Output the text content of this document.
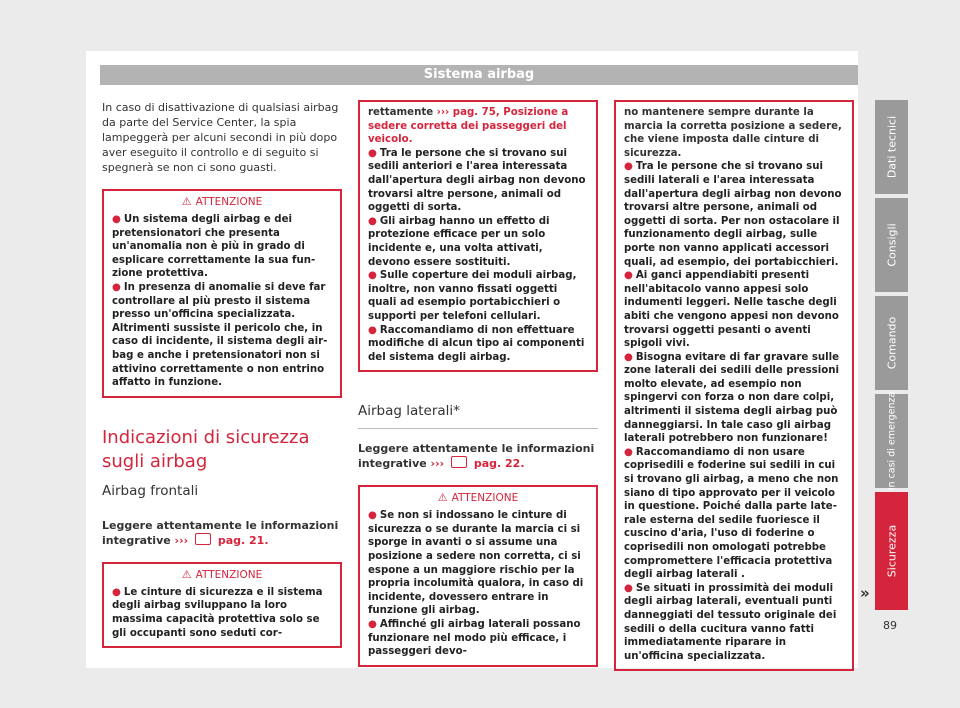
Sistema airbag

In caso di disattivazione di qualsiasi airbag da parte del Service Center, la spia lampeggerà per alcuni secondi in più dopo aver eseguito il controllo e di seguito si spegnerà se non ci sono guasti.

⚠ ATTENZIONE
● Un sistema degli airbag e dei pretensionatori che presenta un'anomalia non è più in grado di esplicare correttamente la sua funzione protettiva.
● In presenza di anomalie si deve far controllare al più presto il sistema presso un'officina specializzata. Altrimenti sussiste il pericolo che, in caso di incidente, il sistema degli airbag e anche i pretensionatori non si attivino correttamente o non entrino affatto in funzione.
Indicazioni di sicurezza sugli airbag
Airbag frontali

Leggere attentamente le informazioni integrative ›››	pag. 21.

⚠ ATTENZIONE
● Le cinture di sicurezza e il sistema degli airbag sviluppano la loro massima capacità protettiva solo se gli occupanti sono seduti cor-

rettamente ››› pag. 75, Posizione a sedere corretta dei passeggeri del veicolo.

● Tra le persone che si trovano sui sedili anteriori e l'area interessata dall'apertura degli airbag non devono trovarsi altre persone, animali od oggetti di sorta.
● Gli airbag hanno un effetto di protezione efficace per un solo incidente e, una volta attivati, devono essere sostituiti.
● Sulle coperture dei moduli airbag, inoltre, non vanno fissati oggetti quali ad esempio portabicchieri o supporti per telefoni cellulari.
● Raccomandiamo di non effettuare modifiche di alcun tipo ai componenti del sistema degli airbag.
Airbag laterali*

Leggere attentamente le informazioni integrative ›››	pag. 22.

⚠ ATTENZIONE
● Se non si indossano le cinture di sicurezza o se durante la marcia ci si sporge in avanti o si assume una posizione a sedere non corretta, ci si espone a un maggiore rischio per la propria incolumità qualora, in caso di incidente, dovessero entrare in funzione gli airbag.
● Affinché gli airbag laterali possano funzionare nel modo più efficace, i passeggeri devo-

no mantenere sempre durante la marcia la corretta posizione a sedere, che viene imposta dalle cinture di sicurezza.

● Tra le persone che si trovano sui sedili laterali e l'area interessata dall'apertura degli airbag non devono trovarsi altre persone, animali od oggetti di sorta. Per non ostacolare il funzionamento degli airbag, sulle porte non vanno applicati accessori quali, ad esempio, dei portabicchieri.
● Ai ganci appendiabiti presenti nell'abitacolo vanno appesi solo indumenti leggeri. Nelle tasche degli abiti che vengono appesi non devono trovarsi oggetti pesanti o aventi spigoli vivi.
● Bisogna evitare di far gravare sulle zone laterali dei sedili delle pressioni molto elevate, ad esempio non spingervi con forza o non dare colpi, altrimenti il sistema degli airbag può danneggiarsi. In tale caso gli airbag laterali potrebbero non funzionare!
● Raccomandiamo di non usare coprisedili e foderine sui sedili in cui si trovano gli airbag, a meno che non siano di tipo approvato per il veicolo in questione. Poiché dalla parte laterale esterna del sedile fuoriesce il cuscino d'aria, l'uso di foderine o coprisedili non omologati potrebbe compromettere l'efficacia protettiva degli airbag laterali .
● Se situati in prossimità dei moduli degli airbag laterali, eventuali punti danneggiati del tessuto originale dei sedili o della cucitura vanno fatti immediatamente riparare in un'officina specializzata.
»
Dati tecnici
Consigli
Comando
In casi di emergenza
Sicurezza
89
